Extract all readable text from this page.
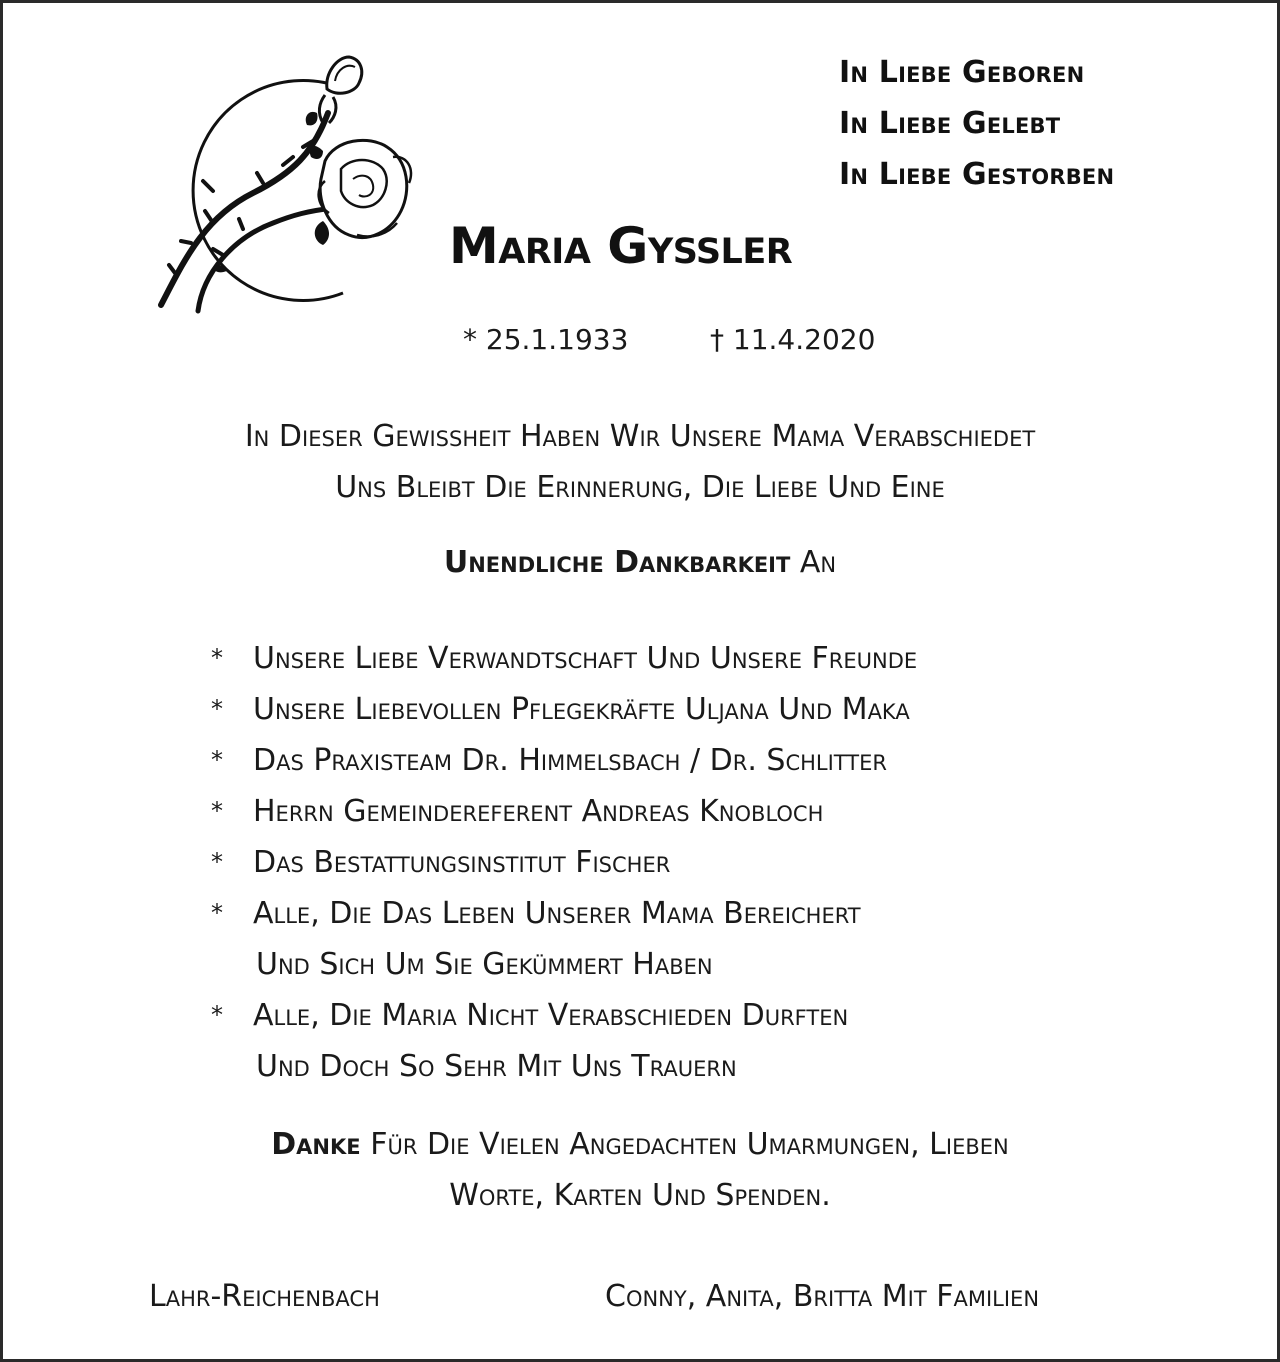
In Liebe Geboren
In Liebe Gelebt
In Liebe Gestorben
Maria Gyssler
* 25.1.1933	† 11.4.2020
In Dieser Gewissheit Haben Wir Unsere Mama Verabschiedet
Uns Bleibt Die Erinnerung, Die Liebe Und Eine
Unendliche Dankbarkeit An
* Unsere Liebe Verwandtschaft Und Unsere Freunde
* Unsere Liebevollen Pflegekräfte Uljana Und Maka
* Das Praxisteam Dr. Himmelsbach / Dr. Schlitter
* Herrn Gemeindereferent Andreas Knobloch
* Das Bestattungsinstitut Fischer
* Alle, Die Das Leben Unserer Mama Bereichert
Und Sich Um Sie Gekümmert Haben
* Alle, Die Maria Nicht Verabschieden Durften
Und Doch So Sehr Mit Uns Trauern
Danke Für Die Vielen Angedachten Umarmungen, Lieben
Worte, Karten Und Spenden.
Lahr-Reichenbach	Conny, Anita, Britta Mit Familien
